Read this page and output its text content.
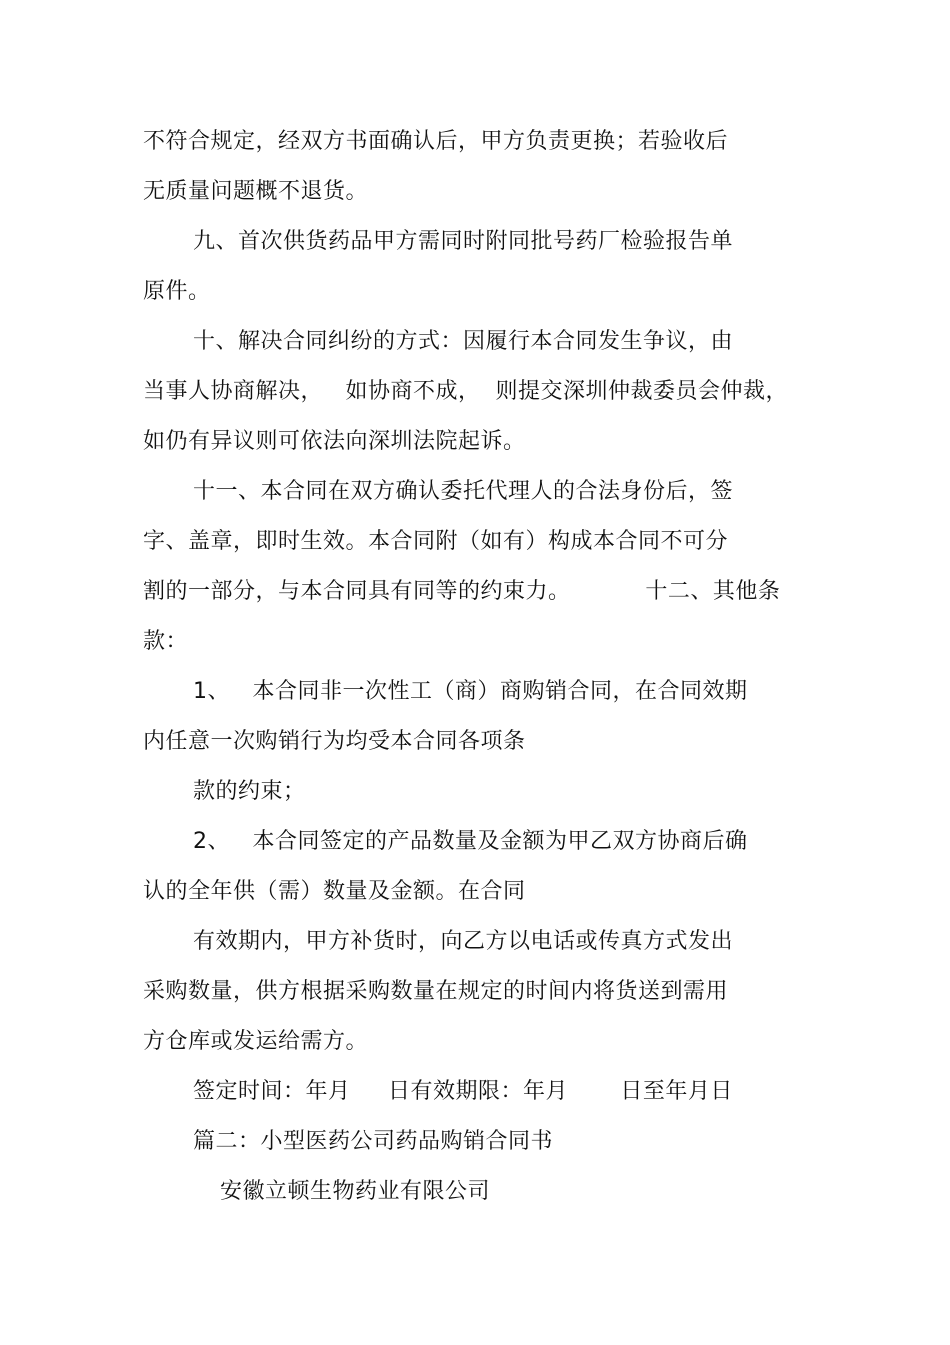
不符合规定，经双方书面确认后，甲方负责更换；若验收后
无质量问题概不退货。
九、首次供货药品甲方需同时附同批号药厂检验报告单
原件。
十、解决合同纠纷的方式：因履行本合同发生争议，由
当事人协商解决，   如协商不成，  则提交深圳仲裁委员会仲裁，
如仍有异议则可依法向深圳法院起诉。
十一、本合同在双方确认委托代理人的合法身份后，签
字、盖章，即时生效。本合同附（如有）构成本合同不可分
割的一部分，与本合同具有同等的约束力。          十二、其他条
款：
1、   本合同非一次性工（商）商购销合同，在合同效期
内任意一次购销行为均受本合同各项条
款的约束；
2、   本合同签定的产品数量及金额为甲乙双方协商后确
认的全年供（需）数量及金额。在合同
有效期内，甲方补货时，向乙方以电话或传真方式发出
采购数量，供方根据采购数量在规定的时间内将货送到需用
方仓库或发运给需方。
签定时间：年月     日有效期限：年月       日至年月日
篇二：小型医药公司药品购销合同书
安徽立顿生物药业有限公司
